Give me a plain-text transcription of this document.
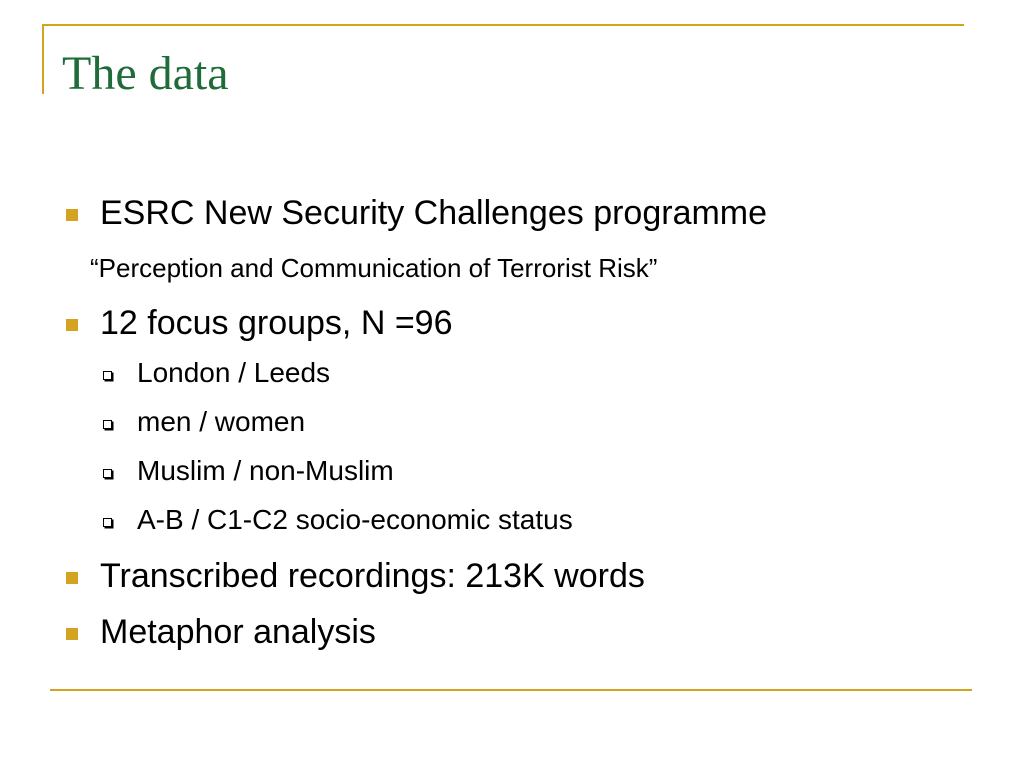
The data
ESRC New Security Challenges programme
“Perception and Communication of Terrorist Risk”
12 focus groups, N =96
London / Leeds
men / women
Muslim / non-Muslim
A-B / C1-C2 socio-economic status
Transcribed recordings: 213K words
Metaphor analysis
